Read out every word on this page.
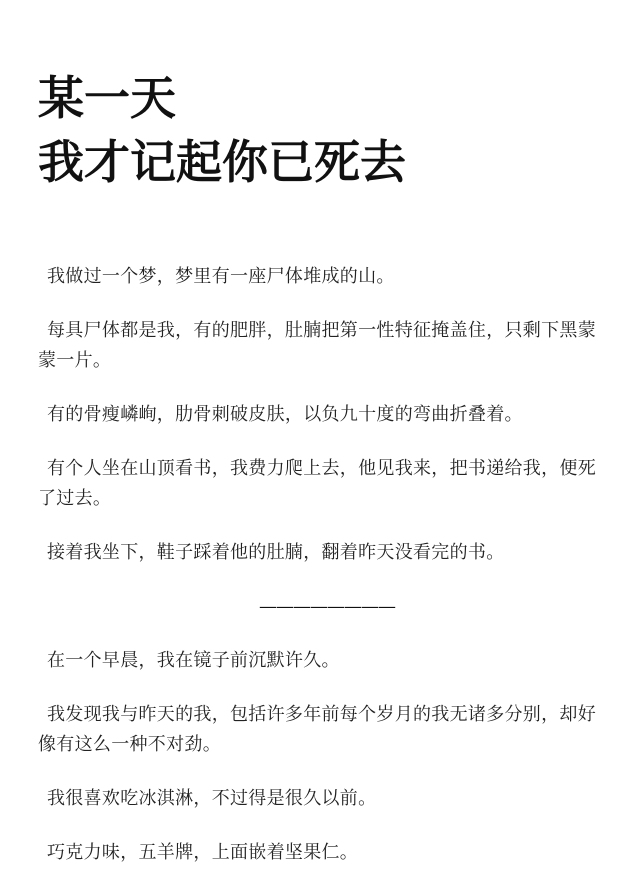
某一天
我才记起你已死去

我做过一个梦，梦里有一座尸体堆成的山。

每具尸体都是我，有的肥胖，肚腩把第一性特征掩盖住，只剩下黑蒙蒙一片。

有的骨瘦嶙峋，肋骨刺破皮肤，以负九十度的弯曲折叠着。

有个人坐在山顶看书，我费力爬上去，他见我来，把书递给我，便死了过去。

接着我坐下，鞋子踩着他的肚腩，翻着昨天没看完的书。

————————

在一个早晨，我在镜子前沉默许久。

我发现我与昨天的我，包括许多年前每个岁月的我无诸多分别，却好像有这么一种不对劲。

我很喜欢吃冰淇淋，不过得是很久以前。

巧克力味，五羊牌，上面嵌着坚果仁。
